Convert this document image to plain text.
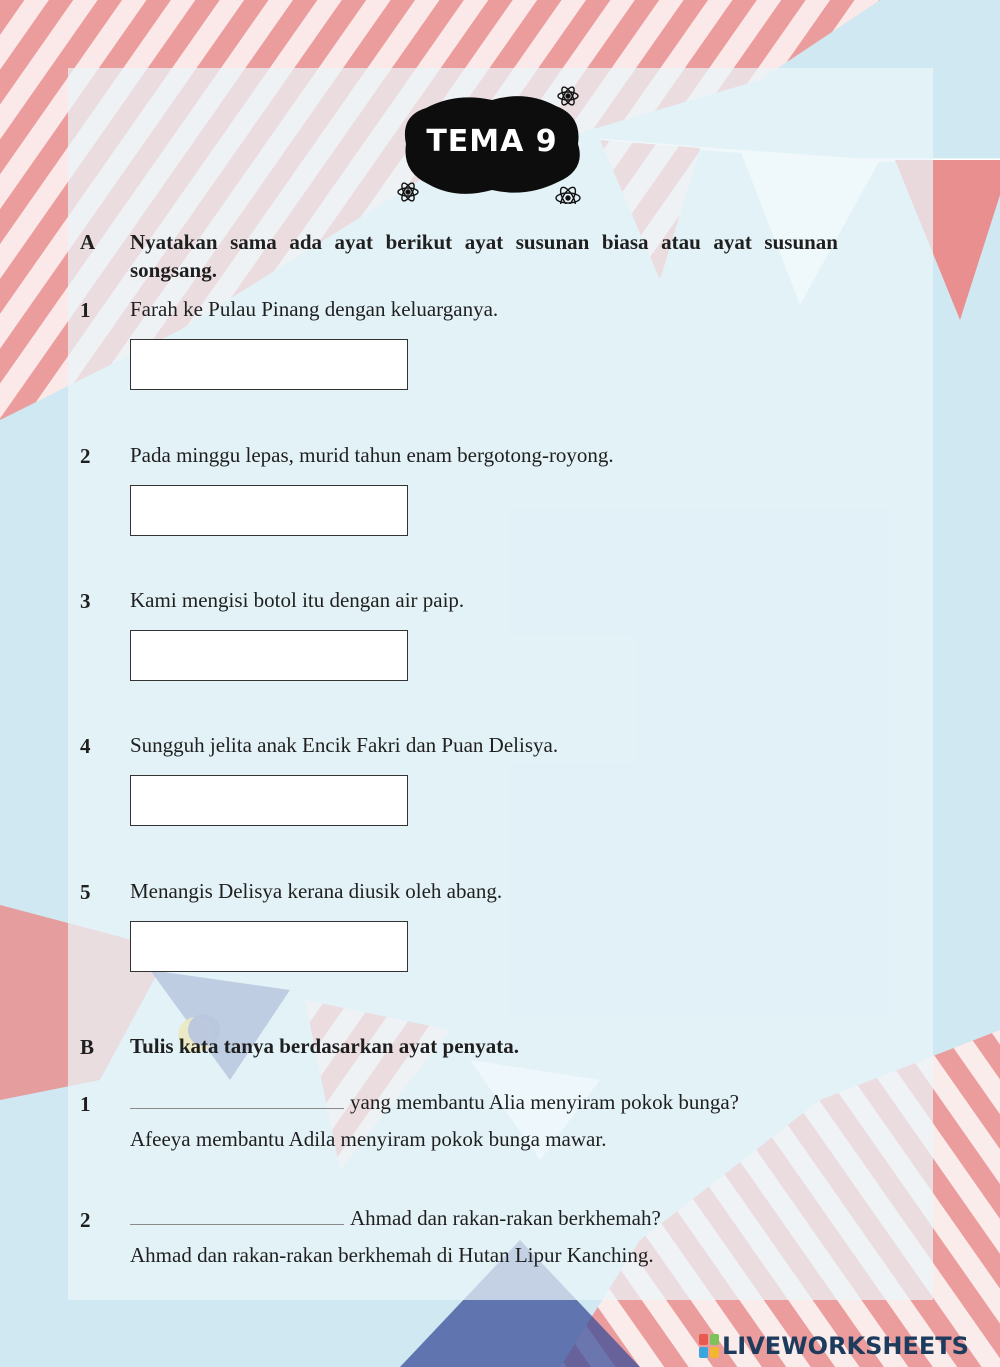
TEMA 9
A Nyatakan sama ada ayat berikut ayat susunan biasa atau ayat susunan songsang.
1 Farah ke Pulau Pinang dengan keluarganya.
2 Pada minggu lepas, murid tahun enam bergotong-royong.
3 Kami mengisi botol itu dengan air paip.
4 Sungguh jelita anak Encik Fakri dan Puan Delisya.
5 Menangis Delisya kerana diusik oleh abang.
B Tulis kata tanya berdasarkan ayat penyata.
1	yang membantu Alia menyiram pokok bunga?
Afeeya membantu Adila menyiram pokok bunga mawar.
2	Ahmad dan rakan-rakan berkhemah?
Ahmad dan rakan-rakan berkhemah di Hutan Lipur Kanching.
LIVEWORKSHEETS
